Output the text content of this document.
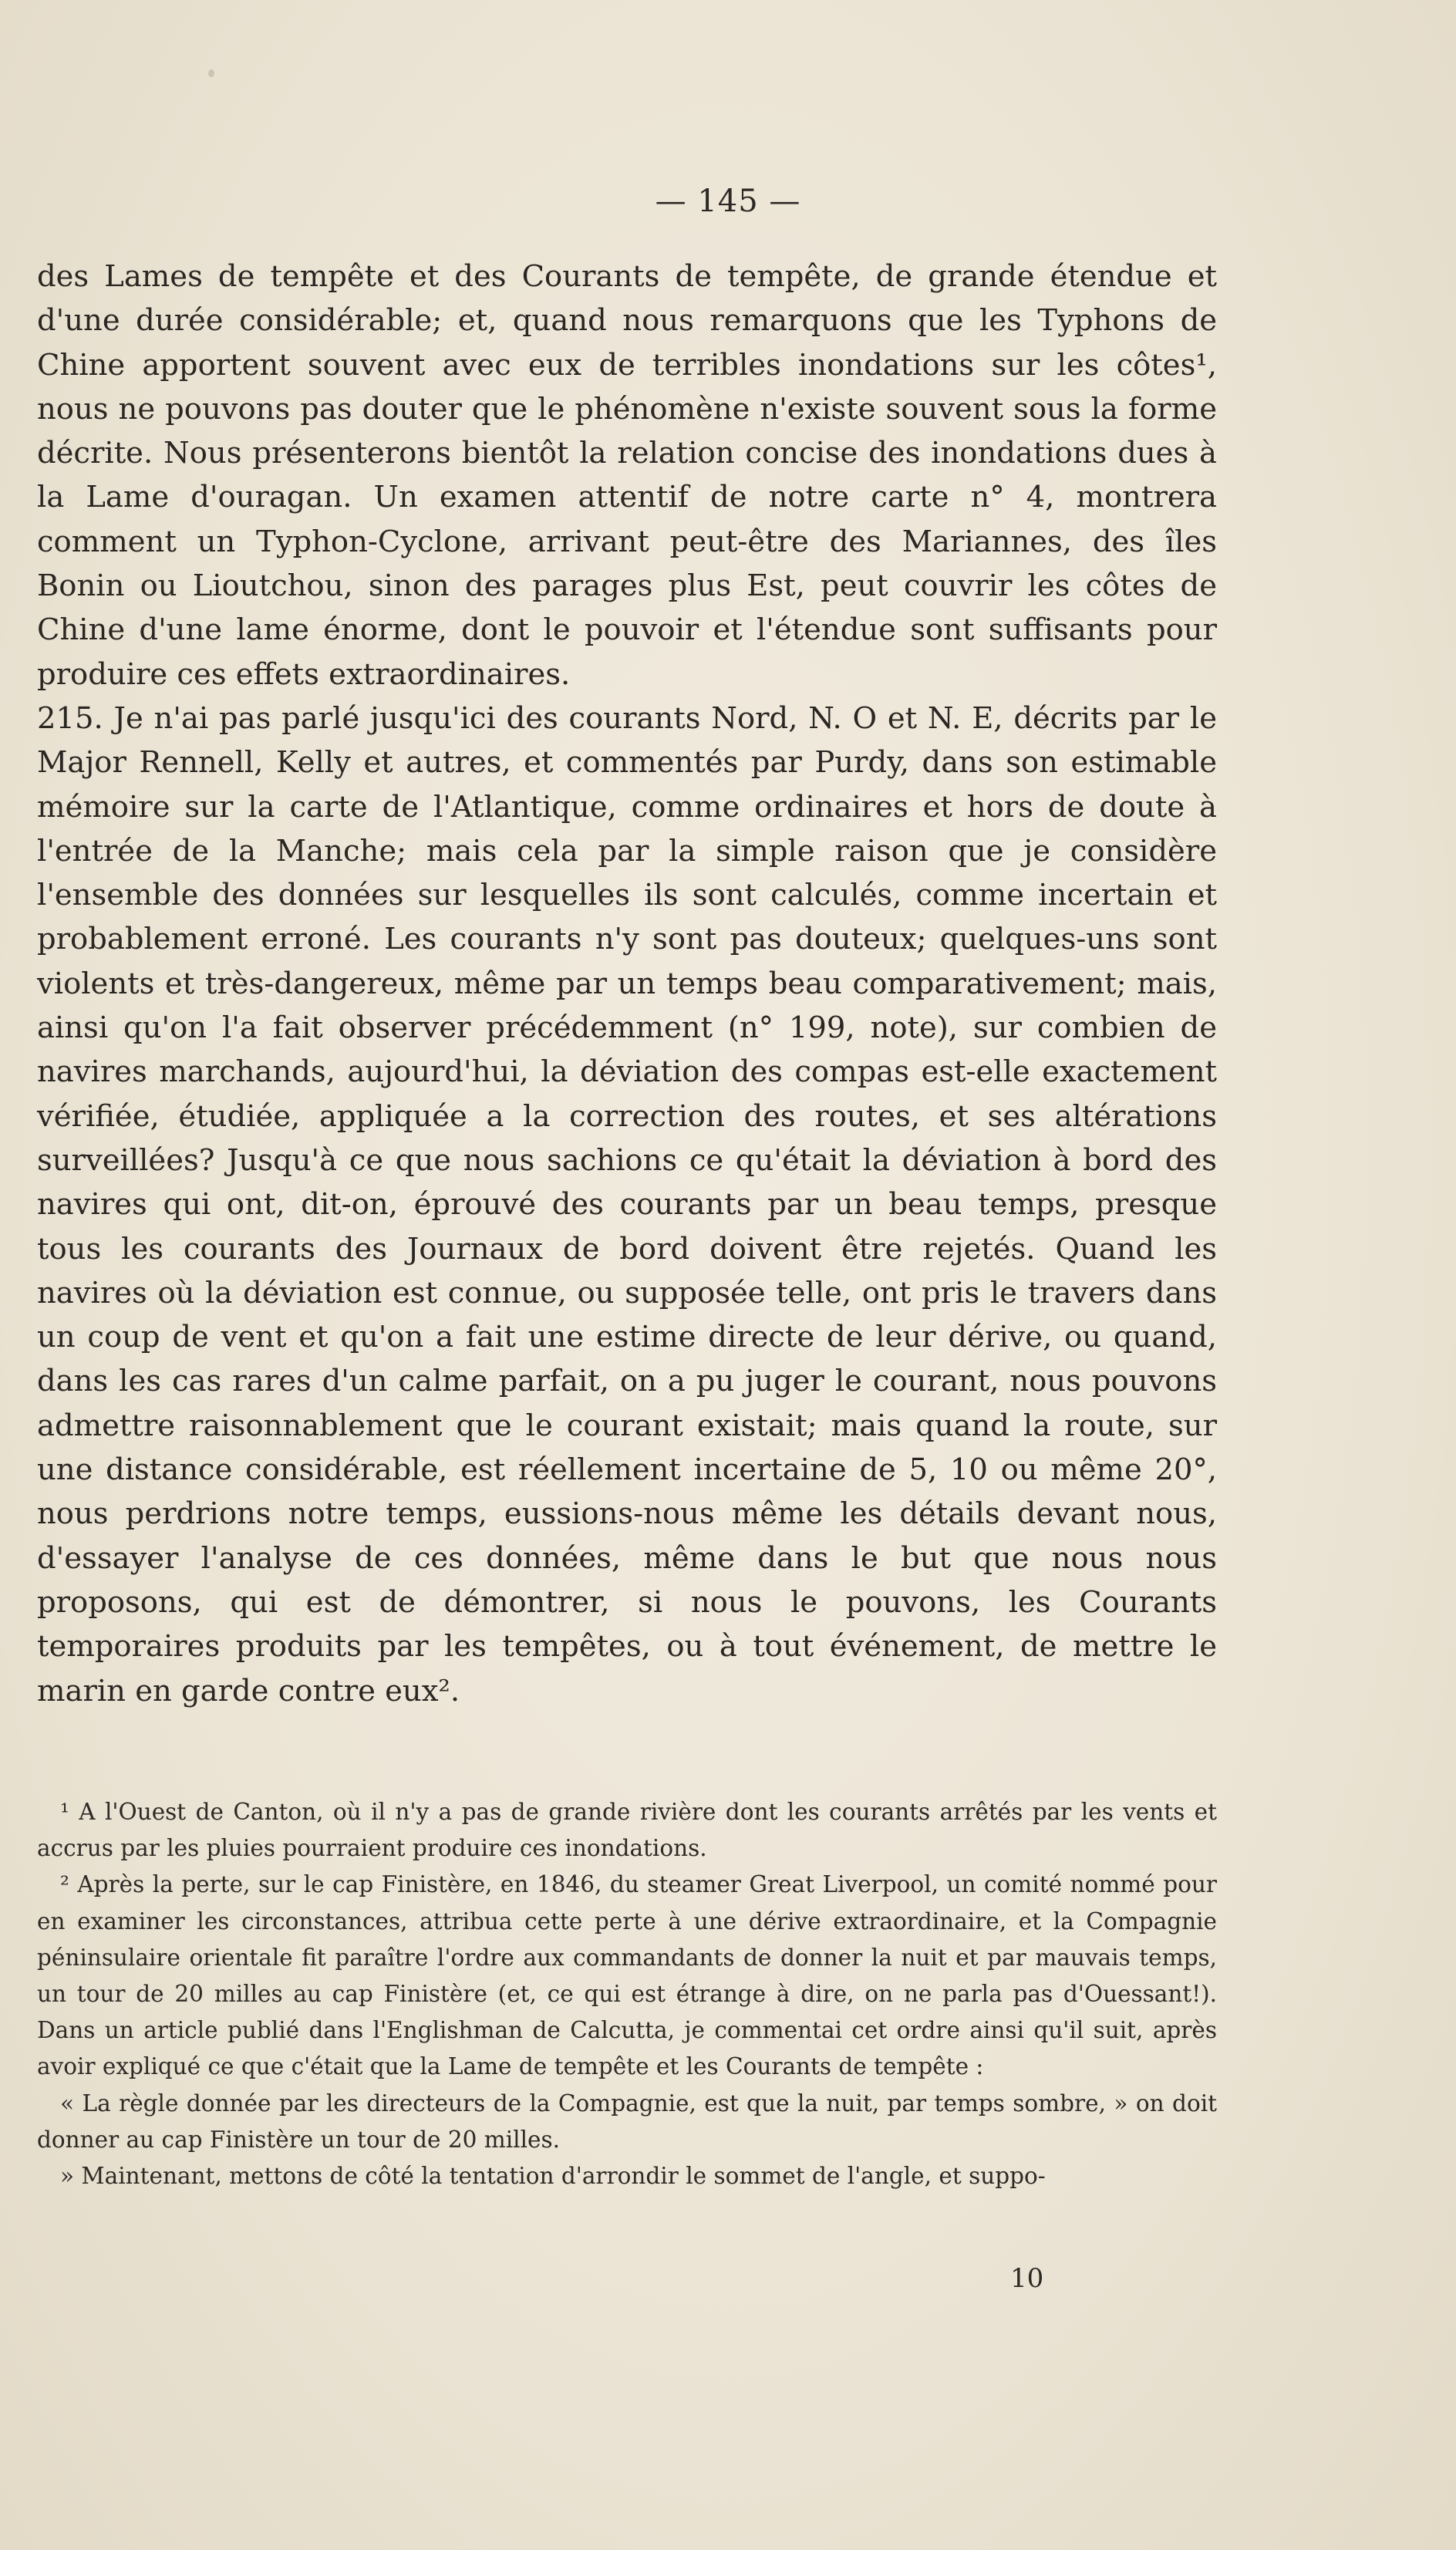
— 145 —

des Lames de tempête et des Courants de tempête, de grande étendue et d'une durée considérable; et, quand nous remarquons que les Typhons de Chine apportent souvent avec eux de terribles inondations sur les côtes¹, nous ne pouvons pas douter que le phénomène n'existe souvent sous la forme décrite. Nous présenterons bientôt la relation concise des inondations dues à la Lame d'ouragan. Un examen attentif de notre carte n° 4, montrera comment un Typhon-Cyclone, arrivant peut-être des Mariannes, des îles Bonin ou Lioutchou, sinon des parages plus Est, peut couvrir les côtes de Chine d'une lame énorme, dont le pouvoir et l'étendue sont suffisants pour produire ces effets extraordinaires.

215. Je n'ai pas parlé jusqu'ici des courants Nord, N. O et N. E, décrits par le Major Rennell, Kelly et autres, et commentés par Purdy, dans son estimable mémoire sur la carte de l'Atlantique, comme ordinaires et hors de doute à l'entrée de la Manche; mais cela par la simple raison que je considère l'ensemble des données sur lesquelles ils sont calculés, comme incertain et probablement erroné. Les courants n'y sont pas douteux; quelques-uns sont violents et très-dangereux, même par un temps beau comparativement; mais, ainsi qu'on l'a fait observer précédemment (n° 199, note), sur combien de navires marchands, aujourd'hui, la déviation des compas est-elle exactement vérifiée, étudiée, appliquée a la correction des routes, et ses altérations surveillées? Jusqu'à ce que nous sachions ce qu'était la déviation à bord des navires qui ont, dit-on, éprouvé des courants par un beau temps, presque tous les courants des Journaux de bord doivent être rejetés. Quand les navires où la déviation est connue, ou supposée telle, ont pris le travers dans un coup de vent et qu'on a fait une estime directe de leur dérive, ou quand, dans les cas rares d'un calme parfait, on a pu juger le courant, nous pouvons admettre raisonnablement que le courant existait; mais quand la route, sur une distance considérable, est réellement incertaine de 5, 10 ou même 20°, nous perdrions notre temps, eussions-nous même les détails devant nous, d'essayer l'analyse de ces données, même dans le but que nous nous proposons, qui est de démontrer, si nous le pouvons, les Courants temporaires produits par les tempêtes, ou à tout événement, de mettre le marin en garde contre eux².

¹ A l'Ouest de Canton, où il n'y a pas de grande rivière dont les courants arrêtés par les vents et accrus par les pluies pourraient produire ces inondations.

² Après la perte, sur le cap Finistère, en 1846, du steamer Great Liverpool, un comité nommé pour en examiner les circonstances, attribua cette perte à une dérive extraordinaire, et la Compagnie péninsulaire orientale fit paraître l'ordre aux commandants de donner la nuit et par mauvais temps, un tour de 20 milles au cap Finistère (et, ce qui est étrange à dire, on ne parla pas d'Ouessant!). Dans un article publié dans l'Englishman de Calcutta, je commentai cet ordre ainsi qu'il suit, après avoir expliqué ce que c'était que la Lame de tempête et les Courants de tempête :

« La règle donnée par les directeurs de la Compagnie, est que la nuit, par temps sombre, » on doit donner au cap Finistère un tour de 20 milles.

» Maintenant, mettons de côté la tentation d'arrondir le sommet de l'angle, et suppo-

10
